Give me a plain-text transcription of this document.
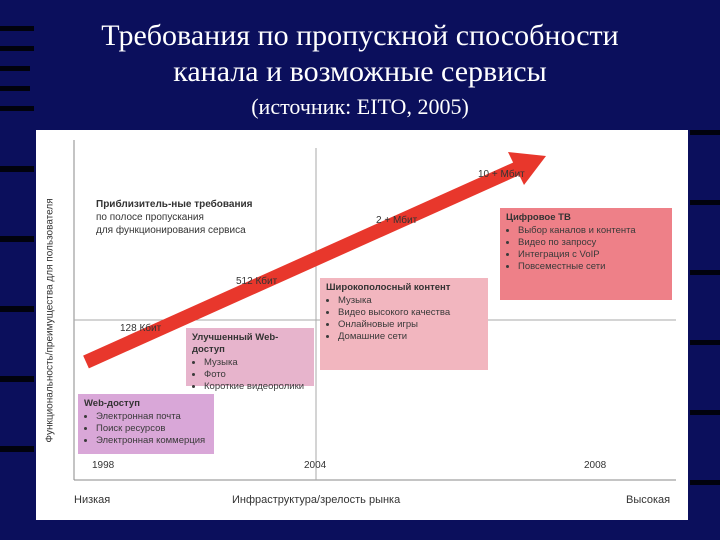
Требования по пропускной способности
канала и возможные сервисы
(источник: EITO, 2005)
Функциональность/преимущества для пользователя	Приблизитель-ные требования
по полосе пропускания
для функционирования сервиса
128 Кбит
512 Кбит
2 + Мбит
10 + Мбит
Web-доступ
• Электронная почта
• Поиск ресурсов
• Электронная коммерция
Улучшенный Web-доступ
• Музыка
• Фото
• Короткие видеоролики
Широкополосный контент
• Музыка
• Видео высокого качества
• Онлайновые игры
• Домашние сети
Цифровое ТВ
• Выбор каналов и контента
• Видео по запросу
• Интеграция с VoIP
• Повсеместные сети
1998	2004	2008
Низкая	Инфраструктура/зрелость рынка	Высокая
